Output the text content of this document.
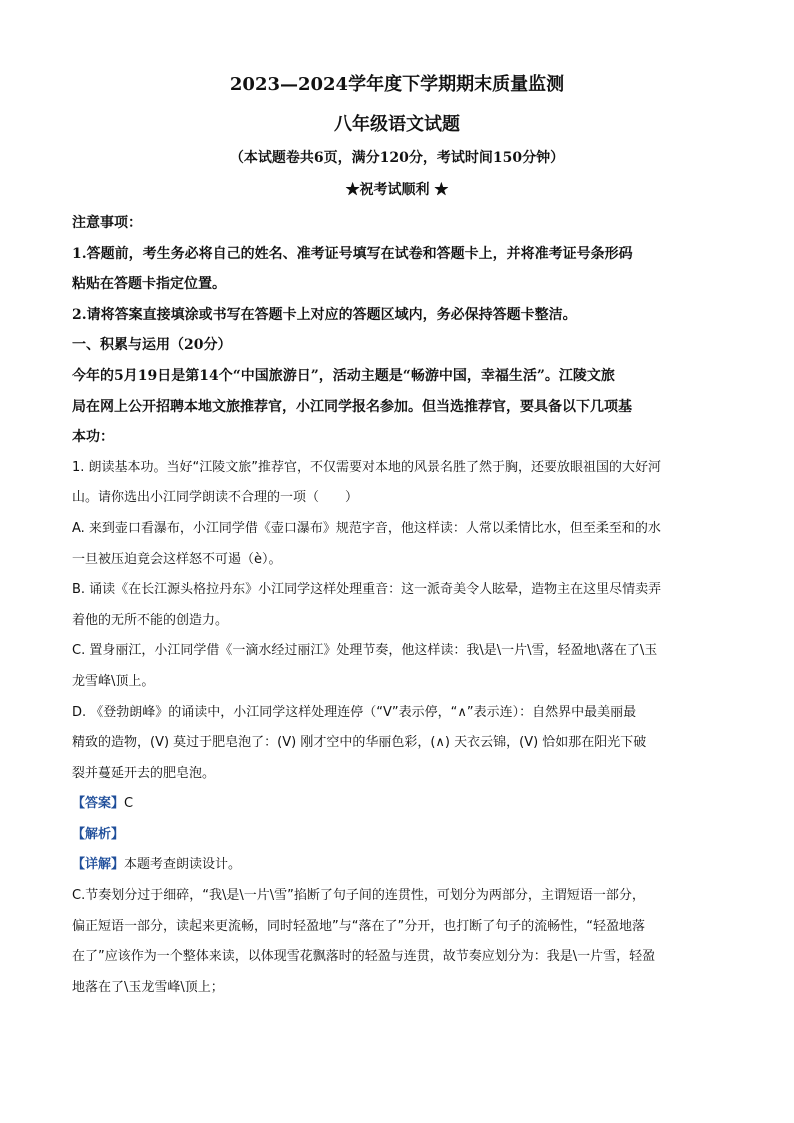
2023—2024学年度下学期期末质量监测
八年级语文试题
（本试题卷共6页，满分120分，考试时间150分钟）
★祝考试顺利 ★
注意事项：
1.答题前，考生务必将自己的姓名、准考证号填写在试卷和答题卡上，并将准考证号条形码
粘贴在答题卡指定位置。
2.请将答案直接填涂或书写在答题卡上对应的答题区域内，务必保持答题卡整洁。
一、积累与运用（20分）
今年的5月19日是第14个“中国旅游日”，活动主题是“畅游中国，幸福生活”。江陵文旅
局在网上公开招聘本地文旅推荐官，小江同学报名参加。但当选推荐官，要具备以下几项基
本功：
1. 朗读基本功。当好“江陵文旅”推荐官，不仅需要对本地的风景名胜了然于胸，还要放眼祖国的大好河
山。请你选出小江同学朗读不合理的一项（　　）
A. 来到壶口看瀑布，小江同学借《壶口瀑布》规范字音，他这样读：人常以柔情比水，但至柔至和的水
一旦被压迫竟会这样怒不可遏（è）。
B. 诵读《在长江源头格拉丹东》小江同学这样处理重音：这一派奇美令人眩晕，造物主在这里尽情卖弄
着他的无所不能的创造力。
C. 置身丽江，小江同学借《一滴水经过丽江》处理节奏，他这样读：我\是\一片\雪，轻盈地\落在了\玉
龙雪峰\顶上。
D. 《登勃朗峰》的诵读中，小江同学这样处理连停（“V”表示停，“∧”表示连）：自然界中最美丽最
精致的造物，(V) 莫过于肥皂泡了：(V) 刚才空中的华丽色彩，(∧) 天衣云锦，(V) 恰如那在阳光下破
裂并蔓延开去的肥皂泡。
【答案】C
【解析】
【详解】本题考查朗读设计。
C.节奏划分过于细碎，“我\是\一片\雪”掐断了句子间的连贯性，可划分为两部分，主谓短语一部分，
偏正短语一部分，读起来更流畅，同时轻盈地”与“落在了”分开，也打断了句子的流畅性，“轻盈地落
在了”应该作为一个整体来读，以体现雪花飘落时的轻盈与连贯，故节奏应划分为：我是\一片雪，轻盈
地落在了\玉龙雪峰\顶上；
